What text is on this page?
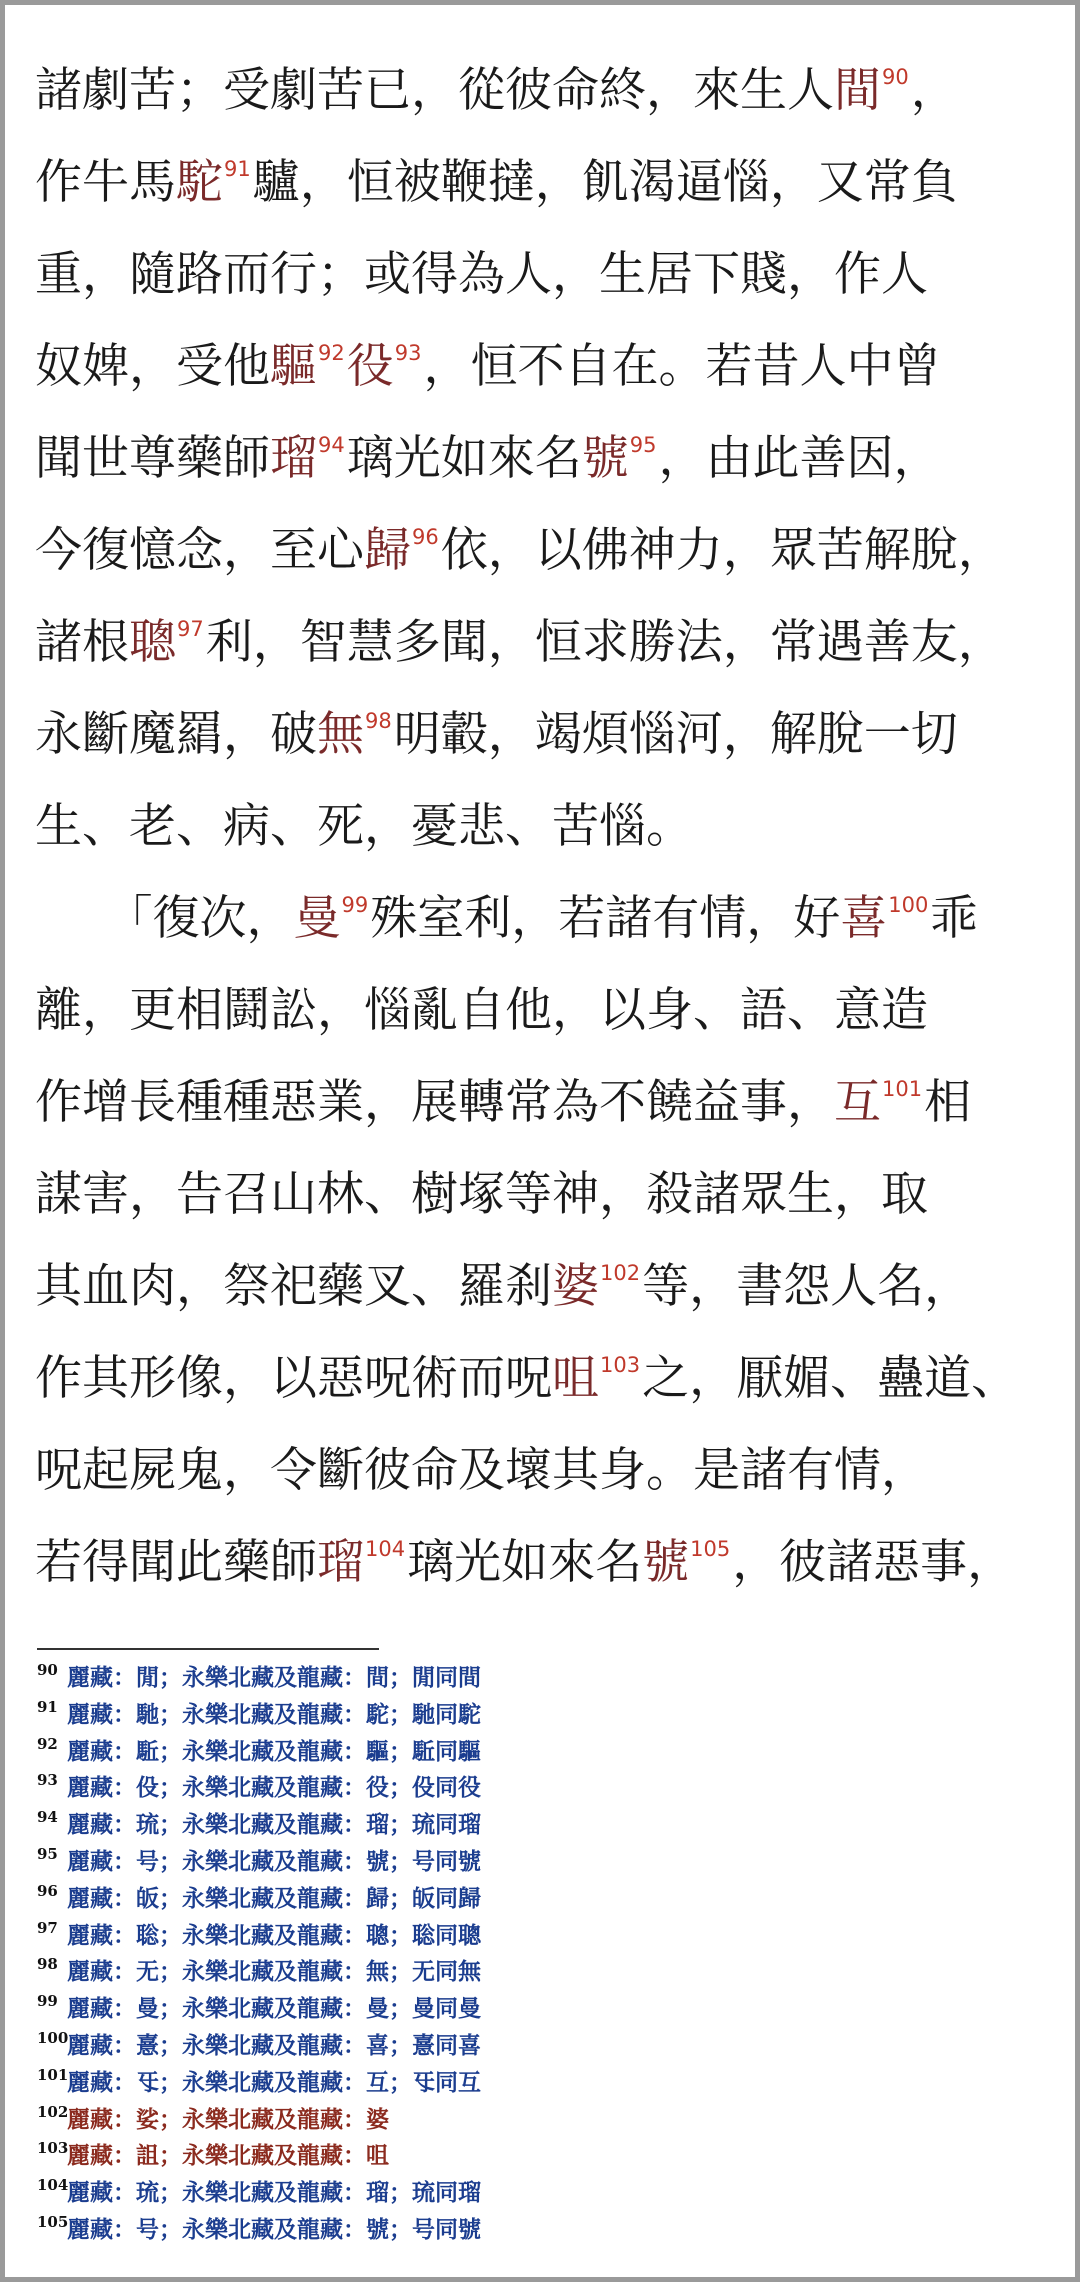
諸劇苦；受劇苦已，從彼命終，來生人間$^{90}$，
作牛馬駝$^{91}$驢，恒被鞭撻，飢渴逼惱，又常負
重，隨路而行；或得為人，生居下賤，作人
奴婢，受他驅$^{92}$役$^{93}$，恒不自在。若昔人中曾
聞世尊藥師瑠$^{94}$璃光如來名號$^{95}$，由此善因，
今復憶念，至心歸$^{96}$依，以佛神力，眾苦解脫，
諸根聰$^{97}$利，智慧多聞，恒求勝法，常遇善友，
永斷魔羂，破無$^{98}$明轂，竭煩惱河，解脫一切
生、老、病、死，憂悲、苦惱。
　　「復次，曼$^{99}$殊室利，若諸有情，好喜$^{100}$乖
離，更相鬪訟，惱亂自他，以身、語、意造
作增長種種惡業，展轉常為不饒益事，互$^{101}$相
謀害，告召山林、樹塚等神，殺諸眾生，取
其血肉，祭祀藥叉、羅刹婆$^{102}$等，書怨人名，
作其形像，以惡呪術而呪咀$^{103}$之，厭媚、蠱道、
呪起屍鬼，令斷彼命及壞其身。是諸有情，
若得聞此藥師瑠$^{104}$璃光如來名號$^{105}$，彼諸惡事，
90 麗藏：閒；永樂北藏及龍藏：間；閒同間
91 麗藏：馳；永樂北藏及龍藏：駝；馳同駝
92 麗藏：駈；永樂北藏及龍藏：驅；駈同驅
93 麗藏：伇；永樂北藏及龍藏：役；伇同役
94 麗藏：琉；永樂北藏及龍藏：瑠；琉同瑠
95 麗藏：号；永樂北藏及龍藏：號；号同號
96 麗藏：皈；永樂北藏及龍藏：歸；皈同歸
97 麗藏：聡；永樂北藏及龍藏：聰；聡同聰
98 麗藏：无；永樂北藏及龍藏：無；无同無
99 麗藏：曼；永樂北藏及龍藏：曼；曼同曼
100麗藏：憙；永樂北藏及龍藏：喜；憙同喜
101麗藏：㸦；永樂北藏及龍藏：互；㸦同互
102麗藏：娑；永樂北藏及龍藏：婆
103麗藏：詛；永樂北藏及龍藏：咀
104麗藏：琉；永樂北藏及龍藏：瑠；琉同瑠
105麗藏：号；永樂北藏及龍藏：號；号同號
